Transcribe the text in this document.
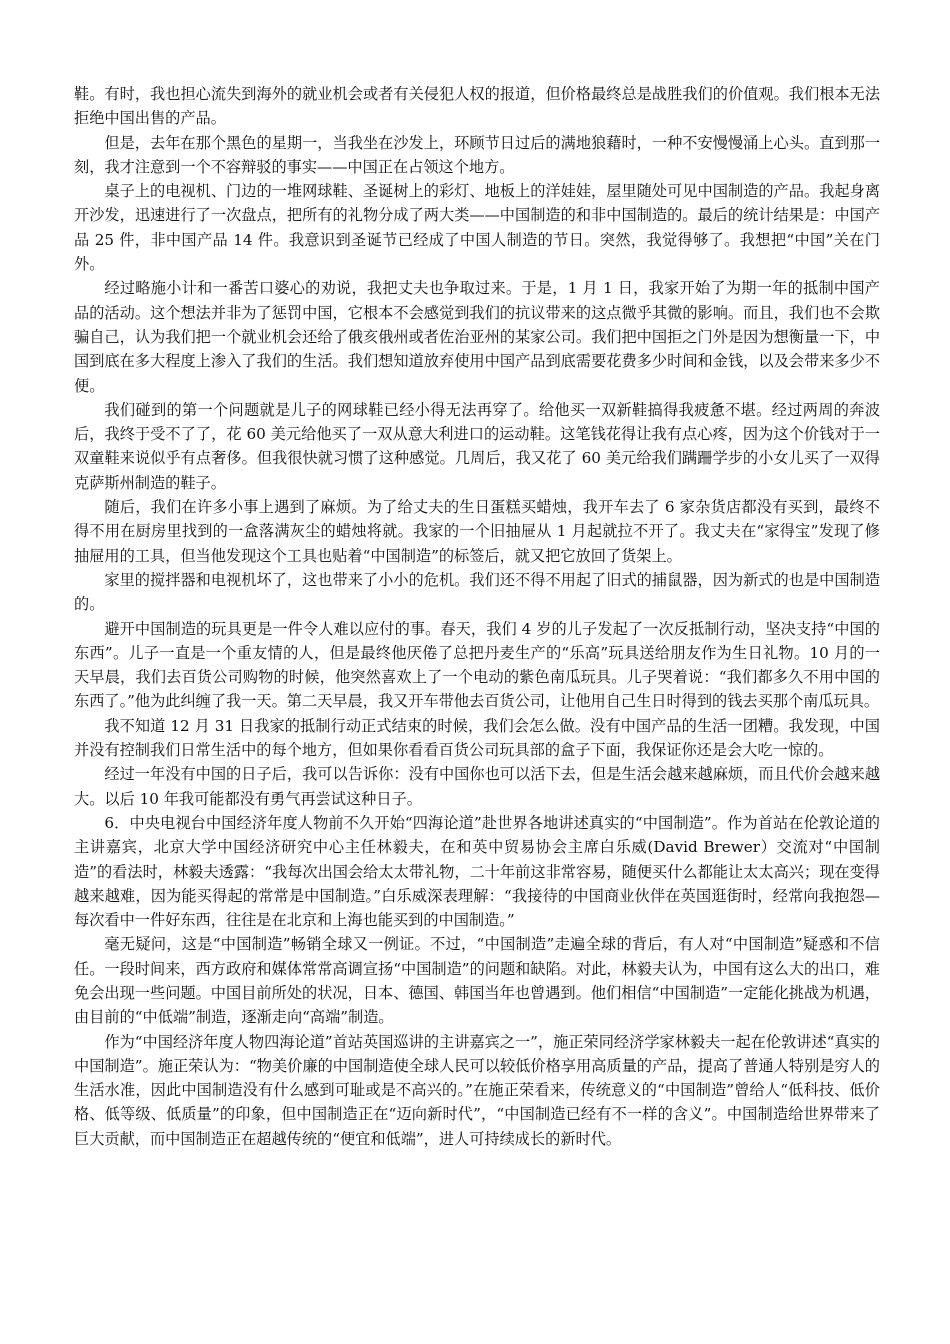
鞋。有时，我也担心流失到海外的就业机会或者有关侵犯人权的报道，但价格最终总是战胜我们的价值观。我们根本无法拒绝中国出售的产品。

但是，去年在那个黑色的星期一，当我坐在沙发上，环顾节日过后的满地狼藉时，一种不安慢慢涌上心头。直到那一刻，我才注意到一个不容辩驳的事实——中国正在占领这个地方。

桌子上的电视机、门边的一堆网球鞋、圣诞树上的彩灯、地板上的洋娃娃，屋里随处可见中国制造的产品。我起身离开沙发，迅速进行了一次盘点，把所有的礼物分成了两大类——中国制造的和非中国制造的。最后的统计结果是：中国产品 25 件，非中国产品 14 件。我意识到圣诞节已经成了中国人制造的节日。突然，我觉得够了。我想把“中国”关在门外。

经过略施小计和一番苦口婆心的劝说，我把丈夫也争取过来。于是，1 月 1 日，我家开始了为期一年的抵制中国产品的活动。这个想法并非为了惩罚中国，它根本不会感觉到我们的抗议带来的这点微乎其微的影响。而且，我们也不会欺骗自己，认为我们把一个就业机会还给了俄亥俄州或者佐治亚州的某家公司。我们把中国拒之门外是因为想衡量一下，中国到底在多大程度上渗入了我们的生活。我们想知道放弃使用中国产品到底需要花费多少时间和金钱，以及会带来多少不便。

我们碰到的第一个问题就是儿子的网球鞋已经小得无法再穿了。给他买一双新鞋搞得我疲惫不堪。经过两周的奔波后，我终于受不了了，花 60 美元给他买了一双从意大利进口的运动鞋。这笔钱花得让我有点心疼，因为这个价钱对于一双童鞋来说似乎有点奢侈。但我很快就习惯了这种感觉。几周后，我又花了 60 美元给我们蹒跚学步的小女儿买了一双得克萨斯州制造的鞋子。

随后，我们在许多小事上遇到了麻烦。为了给丈夫的生日蛋糕买蜡烛，我开车去了 6 家杂货店都没有买到，最终不得不用在厨房里找到的一盒落满灰尘的蜡烛将就。我家的一个旧抽屉从 1 月起就拉不开了。我丈夫在“家得宝”发现了修抽屉用的工具，但当他发现这个工具也贴着“中国制造”的标签后，就又把它放回了货架上。

家里的搅拌器和电视机坏了，这也带来了小小的危机。我们还不得不用起了旧式的捕鼠器，因为新式的也是中国制造的。

避开中国制造的玩具更是一件令人难以应付的事。春天，我们 4 岁的儿子发起了一次反抵制行动，坚决支持“中国的东西”。儿子一直是一个重友情的人，但是最终他厌倦了总把丹麦生产的“乐高”玩具送给朋友作为生日礼物。10 月的一天早晨，我们去百货公司购物的时候，他突然喜欢上了一个电动的紫色南瓜玩具。儿子哭着说：“我们都多久不用中国的东西了。”他为此纠缠了我一天。第二天早晨，我又开车带他去百货公司，让他用自己生日时得到的钱去买那个南瓜玩具。

我不知道 12 月 31 日我家的抵制行动正式结束的时候，我们会怎么做。没有中国产品的生活一团糟。我发现，中国并没有控制我们日常生活中的每个地方，但如果你看看百货公司玩具部的盒子下面，我保证你还是会大吃一惊的。

经过一年没有中国的日子后，我可以告诉你：没有中国你也可以活下去，但是生活会越来越麻烦，而且代价会越来越大。以后 10 年我可能都没有勇气再尝试这种日子。

6．中央电视台中国经济年度人物前不久开始“四海论道”赴世界各地讲述真实的“中国制造”。作为首站在伦敦论道的主讲嘉宾，北京大学中国经济研究中心主任林毅夫，在和英中贸易协会主席白乐威(David Brewer）交流对“中国制造”的看法时，林毅夫透露：“我每次出国会给太太带礼物，二十年前这非常容易，随便买什么都能让太太高兴；现在变得越来越难，因为能买得起的常常是中国制造。”白乐威深表理解：“我接待的中国商业伙伴在英国逛街时，经常向我抱怨—每次看中一件好东西，往往是在北京和上海也能买到的中国制造。”

毫无疑问，这是“中国制造”畅销全球又一例证。不过，“中国制造”走遍全球的背后，有人对“中国制造”疑惑和不信任。一段时间来，西方政府和媒体常常高调宣扬“中国制造”的问题和缺陷。对此，林毅夫认为，中国有这么大的出口，难免会出现一些问题。中国目前所处的状况，日本、德国、韩国当年也曾遇到。他们相信“中国制造”一定能化挑战为机遇，由目前的“中低端”制造，逐渐走向“高端”制造。

作为“中国经济年度人物四海论道”首站英国巡讲的主讲嘉宾之一”，施正荣同经济学家林毅夫一起在伦敦讲述“真实的中国制造”。施正荣认为：“物美价廉的中国制造使全球人民可以较低价格享用高质量的产品，提高了普通人特别是穷人的生活水准，因此中国制造没有什么感到可耻或是不高兴的。”在施正荣看来，传统意义的“中国制造”曾给人“低科技、低价格、低等级、低质量”的印象，但中国制造正在“迈向新时代”，“中国制造已经有不一样的含义”。中国制造给世界带来了巨大贡献，而中国制造正在超越传统的“便宜和低端”，进人可持续成长的新时代。
